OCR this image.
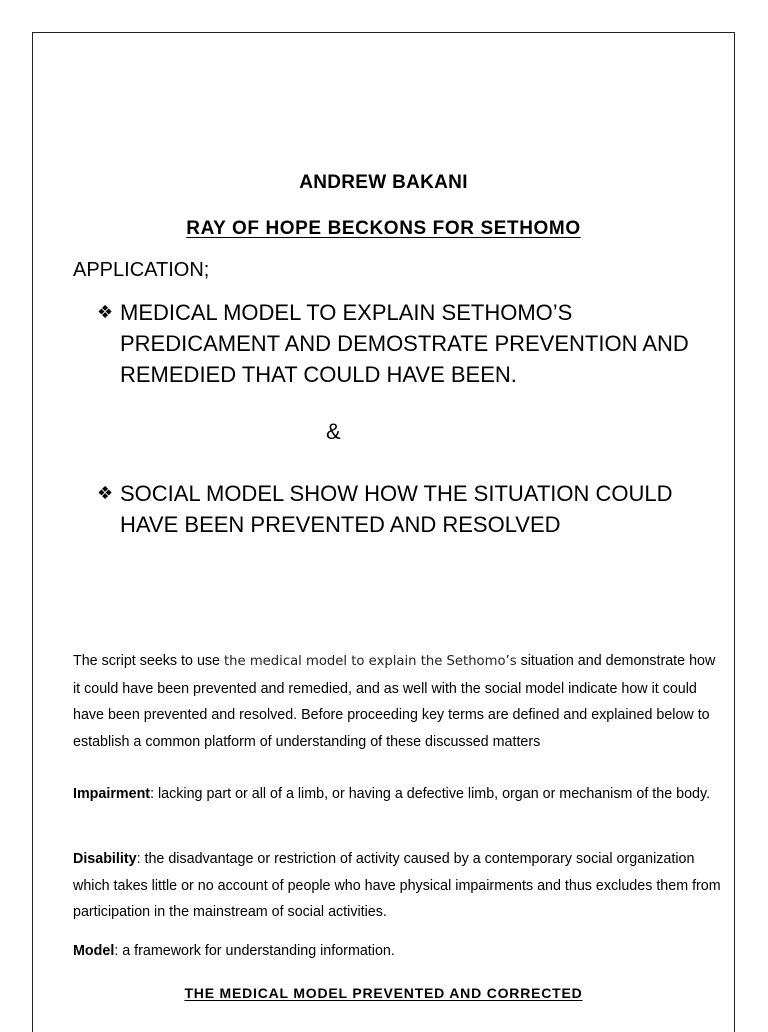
ANDREW BAKANI
RAY OF HOPE BECKONS FOR SETHOMO
APPLICATION;
❖ MEDICAL MODEL TO EXPLAIN SETHOMO’S PREDICAMENT AND DEMOSTRATE PREVENTION AND REMEDIED THAT COULD HAVE BEEN.
&
❖ SOCIAL MODEL SHOW HOW THE SITUATION COULD HAVE BEEN PREVENTED AND RESOLVED

The script seeks to use the medical model to explain the Sethomo’s situation and demonstrate how it could have been prevented and remedied, and as well with the social model indicate how it could have been prevented and resolved. Before proceeding key terms are defined and explained below to establish a common platform of understanding of these discussed matters

Impairment: lacking part or all of a limb, or having a defective limb, organ or mechanism of the body.

Disability: the disadvantage or restriction of activity caused by a contemporary social organization which takes little or no account of people who have physical impairments and thus excludes them from participation in the mainstream of social activities.

Model: a framework for understanding information.

THE MEDICAL MODEL PREVENTED AND CORRECTED
